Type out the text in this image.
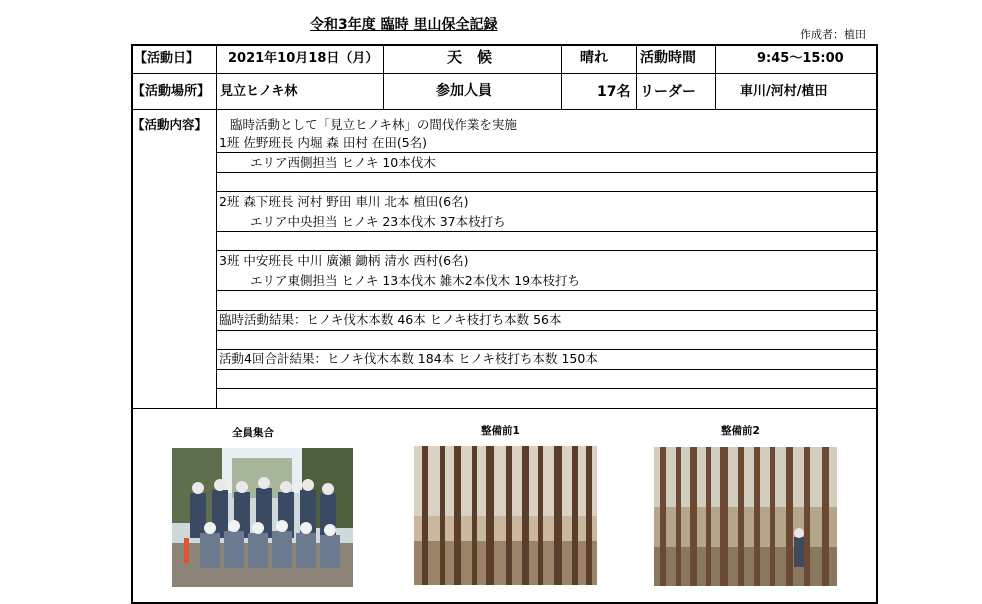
令和3年度 臨時 里山保全記録
作成者：植田
【活動日】 2021年10月18日（月）	天　候	晴れ 活動時間	9:45〜15:00
【活動場所】 見立ヒノキ林	参加人員	17名 リーダー	車川/河村/植田
【活動内容】 臨時活動として「見立ヒノキ林」の間伐作業を実施
1班 佐野班長 内堀 森 田村 在田(5名)
エリア西側担当 ヒノキ 10本伐木
2班 森下班長 河村 野田 車川 北本 植田(6名)
エリア中央担当 ヒノキ 23本伐木 37本枝打ち
3班 中安班長 中川 廣瀬 鋤柄 清水 西村(6名)
エリア東側担当 ヒノキ 13本伐木 雑木2本伐木 19本枝打ち
臨時活動結果：ヒノキ伐木本数 46本 ヒノキ枝打ち本数 56本
活動4回合計結果：ヒノキ伐木本数 184本 ヒノキ枝打ち本数 150本
全員集合	整備前1	整備前2
